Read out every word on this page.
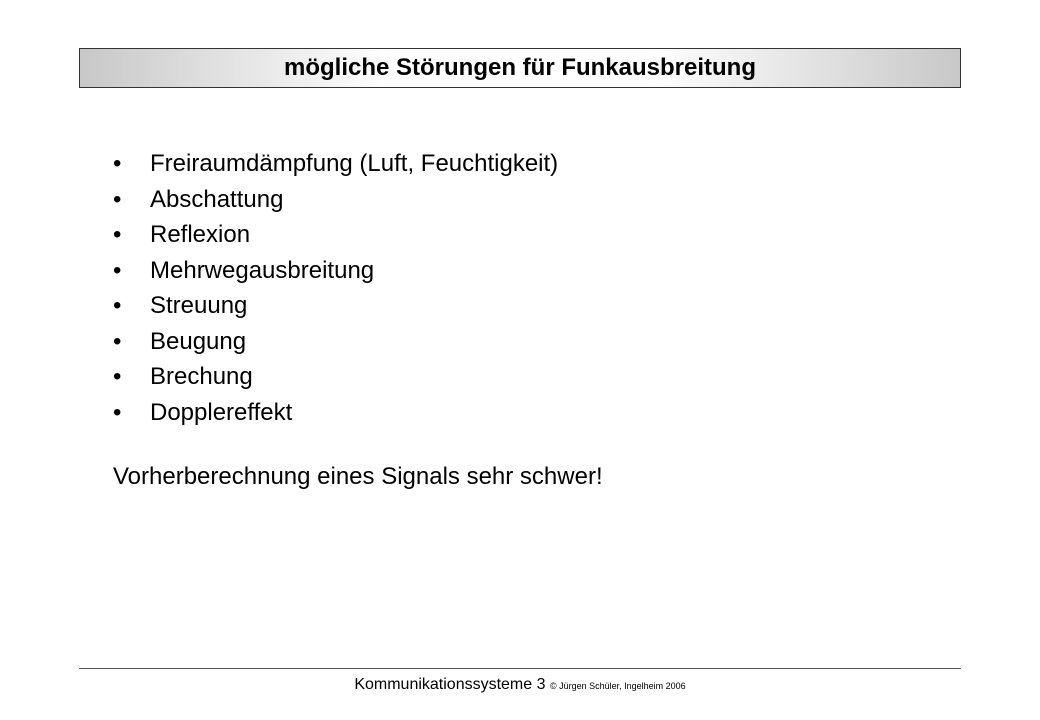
mögliche Störungen für Funkausbreitung
• Freiraumdämpfung (Luft, Feuchtigkeit)
• Abschattung
• Reflexion
• Mehrwegausbreitung
• Streuung
• Beugung
• Brechung
• Dopplereffekt
Vorherberechnung eines Signals sehr schwer!
Kommunikationssysteme 3 © Jürgen Schüler, Ingelheim 2006
